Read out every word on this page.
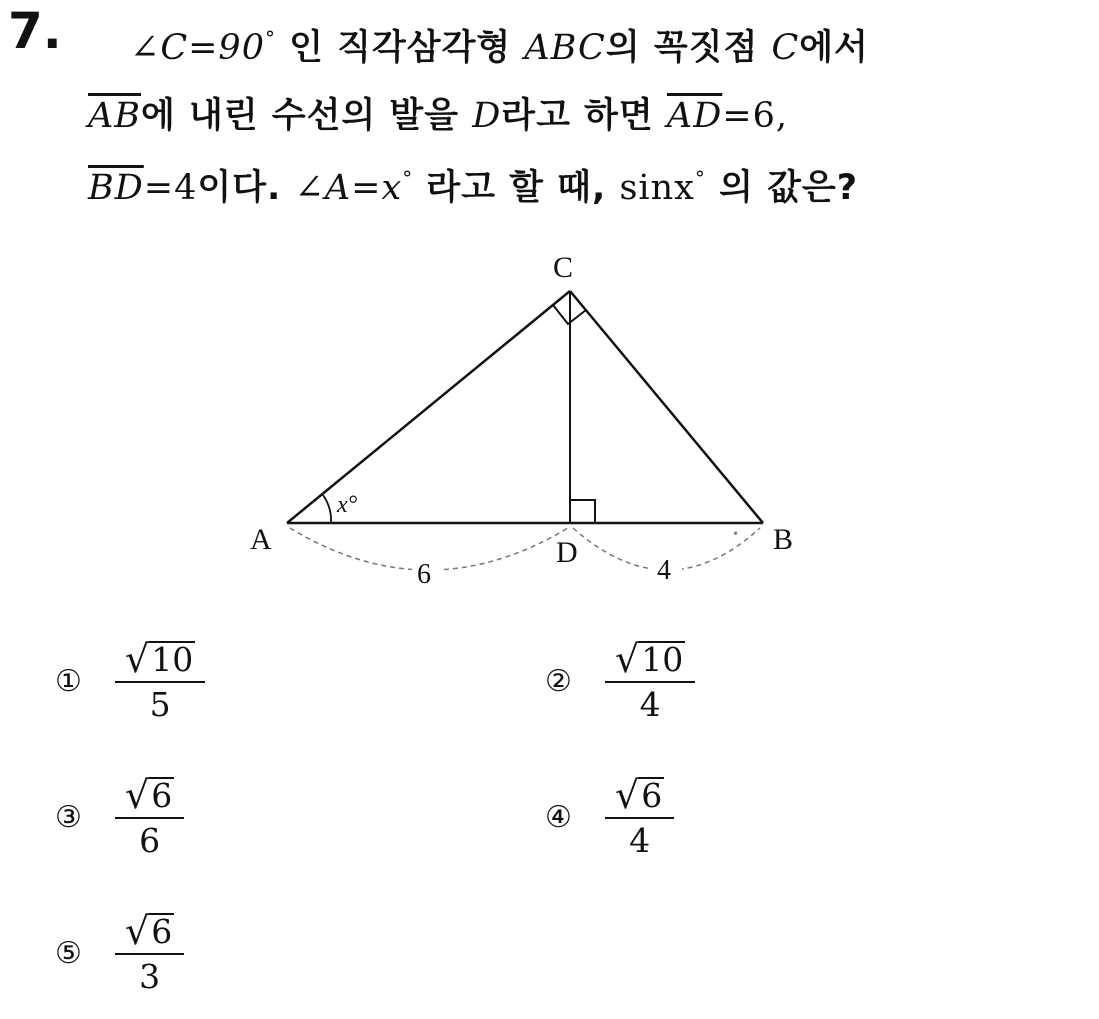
7. ∠C=90° 인 직각삼각형 ABC의 꼭짓점 C에서
$\overline{AB}$에 내린 수선의 발을 D라고 하면 $\overline{AD}=6$,
$\overline{BD}=4$이다. ∠A=x° 라고 할 때, sinx° 의 값은?
•
C
A	B
D
6	4
x°
① $\frac{√ 10}{5}$	② $\frac{√ 10}{4}$
③ $\frac{√ 6}{6}$	④ $\frac{√ 6}{4}$
⑤ $\frac{√ 6}{3}$
